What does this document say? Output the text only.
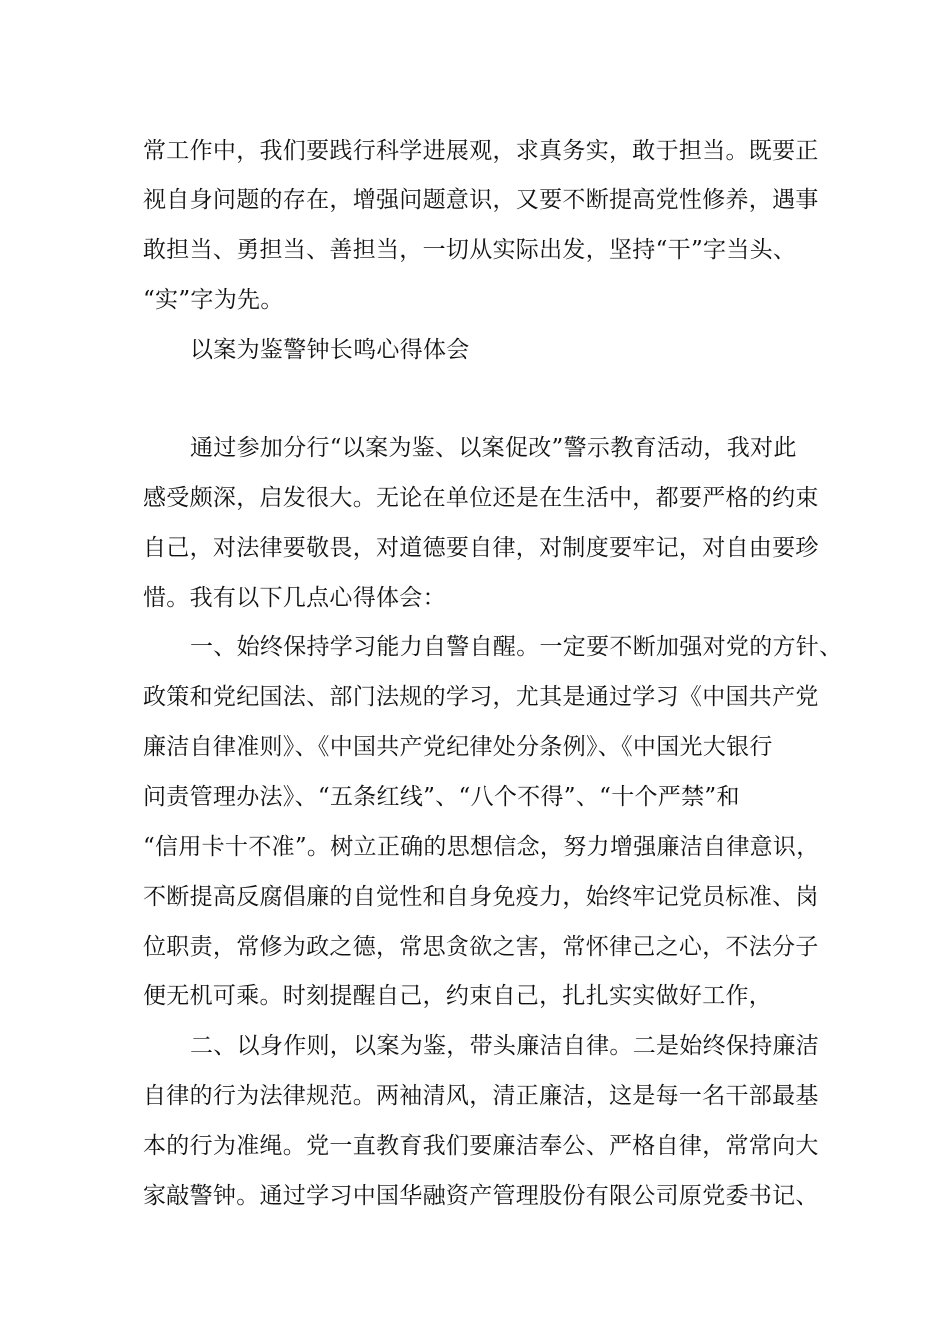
常工作中，我们要践行科学进展观，求真务实，敢于担当。既要正
视自身问题的存在，增强问题意识，又要不断提高党性修养，遇事
敢担当、勇担当、善担当，一切从实际出发，坚持“干”字当头、
“实”字为先。
以案为鉴警钟长鸣心得体会
通过参加分行“以案为鉴、以案促改”警示教育活动，我对此
感受颇深，启发很大。无论在单位还是在生活中，都要严格的约束
自己，对法律要敬畏，对道德要自律，对制度要牢记，对自由要珍
惜。我有以下几点心得体会：
一、始终保持学习能力自警自醒。一定要不断加强对党的方针、
政策和党纪国法、部门法规的学习，尤其是通过学习《中国共产党
廉洁自律准则》、《中国共产党纪律处分条例》、《中国光大银行
问责管理办法》、“五条红线”、“八个不得”、“十个严禁”和
“信用卡十不准”。树立正确的思想信念，努力增强廉洁自律意识，
不断提高反腐倡廉的自觉性和自身免疫力，始终牢记党员标准、岗
位职责，常修为政之德，常思贪欲之害，常怀律己之心，不法分子
便无机可乘。时刻提醒自己，约束自己，扎扎实实做好工作，
二、以身作则，以案为鉴，带头廉洁自律。二是始终保持廉洁
自律的行为法律规范。两袖清风，清正廉洁，这是每一名干部最基
本的行为准绳。党一直教育我们要廉洁奉公、严格自律，常常向大
家敲警钟。通过学习中国华融资产管理股份有限公司原党委书记、
